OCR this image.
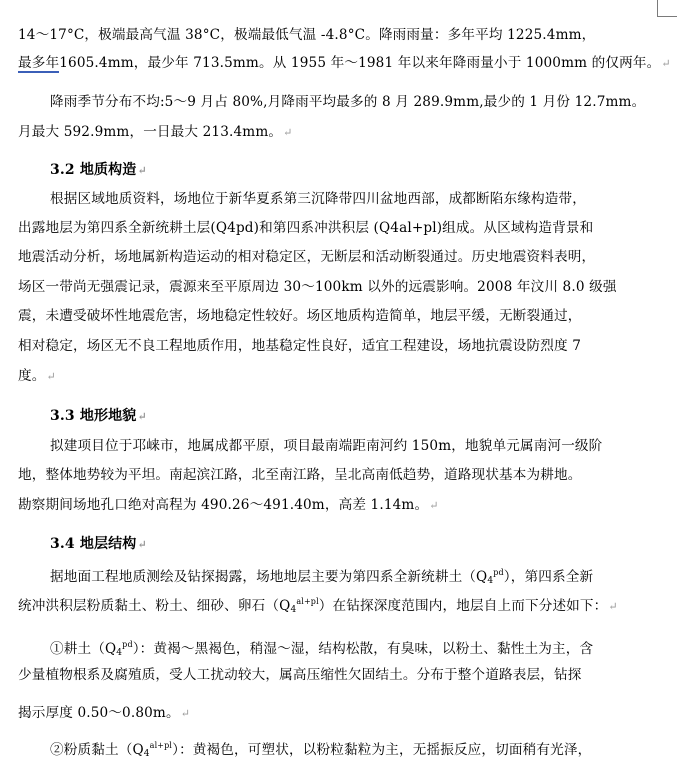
14～17°C，极端最高气温 38°C，极端最低气温 -4.8°C。降雨雨量：多年平均 1225.4mm，
最多年1605.4mm，最少年 713.5mm。从 1955 年～1981 年以来年降雨量小于 1000mm 的仅两年。↵
降雨季节分布不均:5～9 月占 80%,月降雨平均最多的 8 月 289.9mm,最少的 1 月份 12.7mm。
月最大 592.9mm，一日最大 213.4mm。↵
3.2 地质构造↵
根据区域地质资料，场地位于新华夏系第三沉降带四川盆地西部，成都断陷东缘构造带，
出露地层为第四系全新统耕土层(Q4pd)和第四系冲洪积层 (Q4al+pl)组成。从区域构造背景和
地震活动分析，场地属新构造运动的相对稳定区，无断层和活动断裂通过。历史地震资料表明，
场区一带尚无强震记录，震源来至平原周边 30～100km 以外的远震影响。2008 年汶川 8.0 级强
震，未遭受破坏性地震危害，场地稳定性较好。场区地质构造简单，地层平缓，无断裂通过，
相对稳定，场区无不良工程地质作用，地基稳定性良好，适宜工程建设，场地抗震设防烈度 7
度。↵
3.3 地形地貌↵
拟建项目位于邛崃市，地属成都平原，项目最南端距南河约 150m，地貌单元属南河一级阶
地，整体地势较为平坦。南起滨江路，北至南江路，呈北高南低趋势，道路现状基本为耕地。
勘察期间场地孔口绝对高程为 490.26～491.40m，高差 1.14m。↵
3.4 地层结构↵
据地面工程地质测绘及钻探揭露，场地地层主要为第四系全新统耕土$(Q_4^{pd})$，第四系全新
统冲洪积层粉质黏土、粉土、细砂、卵石$(Q_4^{al+pl})$在钻探深度范围内，地层自上而下分述如下：↵
①耕土$(Q_4^{pd})$：黄褐～黑褐色，稍湿～湿，结构松散，有臭味，以粉土、黏性土为主，含
少量植物根系及腐殖质，受人工扰动较大，属高压缩性欠固结土。分布于整个道路表层，钻探
揭示厚度 0.50～0.80m。↵
②粉质黏土$(Q_4^{al+pl})$：黄褐色，可塑状，以粉粒黏粒为主，无摇振反应，切面稍有光泽，
